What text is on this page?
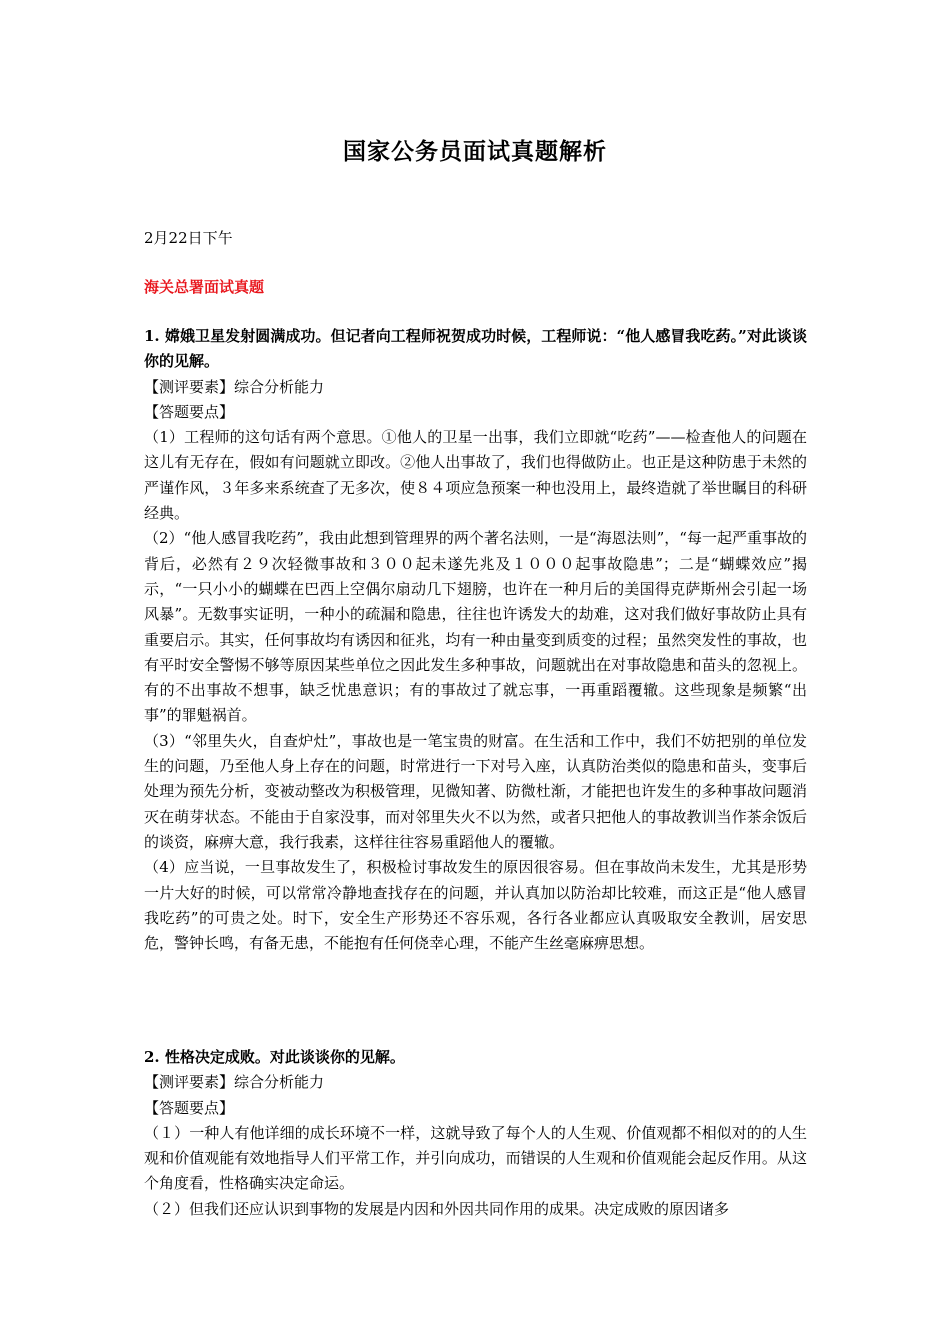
国家公务员面试真题解析
2月22日下午
海关总署面试真题
1. 嫦娥卫星发射圆满成功。但记者向工程师祝贺成功时候，工程师说：“他人感冒我吃药。”对此谈谈你的见解。

【测评要素】综合分析能力

【答题要点】

（1）工程师的这句话有两个意思。①他人的卫星一出事，我们立即就“吃药”——检查他人的问题在这儿有无存在，假如有问题就立即改。②他人出事故了，我们也得做防止。也正是这种防患于未然的严谨作风，３年多来系统查了无多次，使８４项应急预案一种也没用上，最终造就了举世瞩目的科研经典。

（2）“他人感冒我吃药”，我由此想到管理界的两个著名法则，一是“海恩法则”，“每一起严重事故的背后，必然有２９次轻微事故和３００起未遂先兆及１０００起事故隐患”；二是“蝴蝶效应”揭示，“一只小小的蝴蝶在巴西上空偶尔扇动几下翅膀，也许在一种月后的美国得克萨斯州会引起一场风暴”。无数事实证明，一种小的疏漏和隐患，往往也许诱发大的劫难，这对我们做好事故防止具有重要启示。其实，任何事故均有诱因和征兆，均有一种由量变到质变的过程；虽然突发性的事故，也有平时安全警惕不够等原因某些单位之因此发生多种事故，问题就出在对事故隐患和苗头的忽视上。有的不出事故不想事，缺乏忧患意识；有的事故过了就忘事，一再重蹈覆辙。这些现象是频繁“出事”的罪魁祸首。

（3）“邻里失火，自查炉灶”，事故也是一笔宝贵的财富。在生活和工作中，我们不妨把别的单位发生的问题，乃至他人身上存在的问题，时常进行一下对号入座，认真防治类似的隐患和苗头，变事后处理为预先分析，变被动整改为积极管理，见微知著、防微杜渐，才能把也许发生的多种事故问题消灭在萌芽状态。不能由于自家没事，而对邻里失火不以为然，或者只把他人的事故教训当作茶余饭后的谈资，麻痹大意，我行我素，这样往往容易重蹈他人的覆辙。

（4）应当说，一旦事故发生了，积极检讨事故发生的原因很容易。但在事故尚未发生，尤其是形势一片大好的时候，可以常常冷静地查找存在的问题，并认真加以防治却比较难，而这正是“他人感冒我吃药”的可贵之处。时下，安全生产形势还不容乐观，各行各业都应认真吸取安全教训，居安思危，警钟长鸣，有备无患，不能抱有任何侥幸心理，不能产生丝毫麻痹思想。

2. 性格决定成败。对此谈谈你的见解。

【测评要素】综合分析能力

【答题要点】

（１）一种人有他详细的成长环境不一样，这就导致了每个人的人生观、价值观都不相似对的的人生观和价值观能有效地指导人们平常工作，并引向成功，而错误的人生观和价值观能会起反作用。从这个角度看，性格确实决定命运。

（２）但我们还应认识到事物的发展是内因和外因共同作用的成果。决定成败的原因诸多
